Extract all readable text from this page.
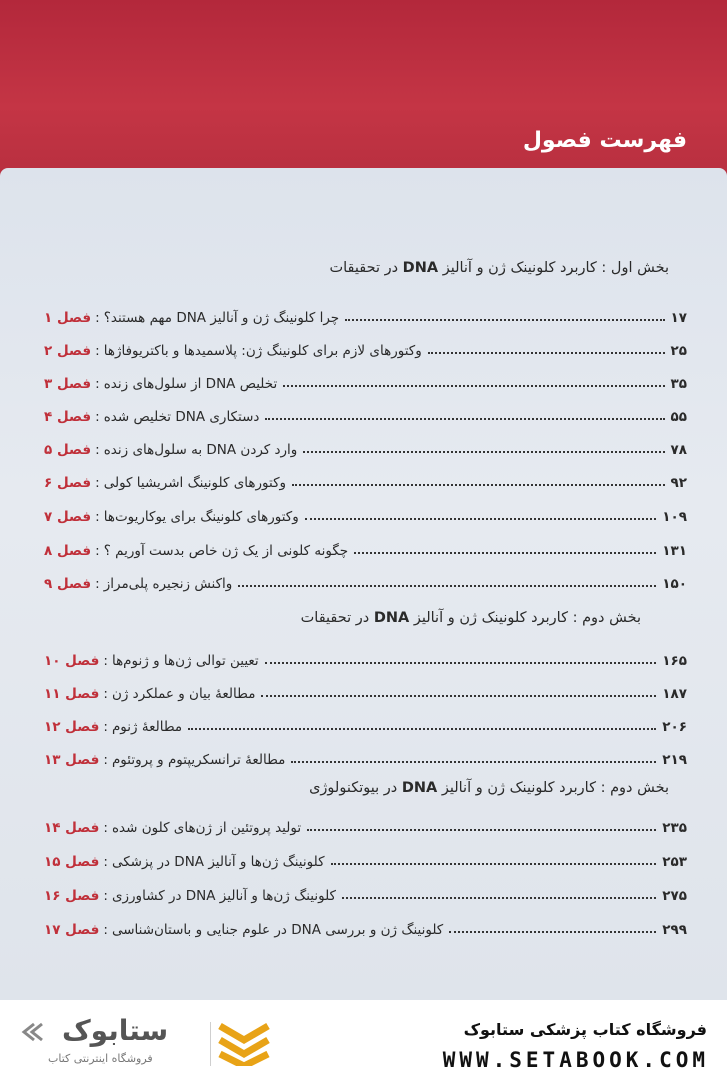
فهرست فصول
بخش اول : کاربرد کلونینک ژن و آنالیز DNA در تحقیقات
فصل ۱ : چرا کلونینگ ژن و آنالیز DNA مهم هستند؟	۱۷
فصل ۲ : وکتورهای لازم برای کلونینگ ژن: پلاسمیدها و باکتریوفاژها	۲۵
فصل ۳ : تخلیص DNA از سلول‌های زنده	۳۵
فصل ۴ : دستکاری DNA تخلیص شده	۵۵
فصل ۵ : وارد کردن DNA به سلول‌های زنده	۷۸
فصل ۶ : وکتورهای کلونینگ اشریشیا کولی	۹۲
فصل ۷ : وکتورهای کلونینگ برای یوکاریوت‌ها	۱۰۹
فصل ۸ : چگونه کلونی از یک ژن خاص بدست آوریم ؟	۱۳۱
فصل ۹ : واکنش زنجیره پلی‌مراز	۱۵۰
بخش دوم : کاربرد کلونینک ژن و آنالیز DNA در تحقیقات
فصل ۱۰ : تعیین توالی ژن‌ها و ژنوم‌ها	۱۶۵
فصل ۱۱ : مطالعهٔ بیان و عملکرد ژن	۱۸۷
فصل ۱۲ : مطالعهٔ ژنوم	۲۰۶
فصل ۱۳ : مطالعهٔ ترانسکریپتوم و پروتئوم	۲۱۹
بخش دوم : کاربرد کلونینک ژن و آنالیز DNA در بیوتکنولوژی
فصل ۱۴ : تولید پروتئین از ژن‌های کلون شده	۲۳۵
فصل ۱۵ : کلونینگ ژن‌ها و آنالیز DNA در پزشکی	۲۵۳
فصل ۱۶ : کلونینگ ژن‌ها و آنالیز DNA در کشاورزی	۲۷۵
فصل ۱۷ : کلونینگ ژن و بررسی DNA در علوم جنایی و باستان‌شناسی	۲۹۹
فروشگاه کتاب پزشکی ستابوک
WWW.SETABOOK.COM
ستابوک
فروشگاه اینترنتی کتاب
